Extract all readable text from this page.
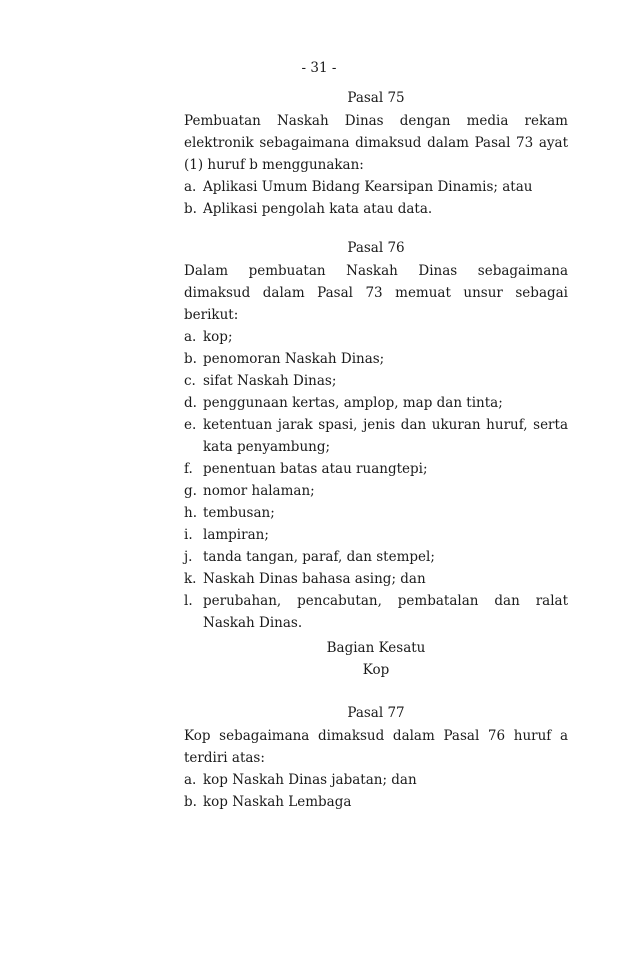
- 31 -
Pasal 75
Pembuatan Naskah Dinas dengan media rekam elektronik sebagaimana dimaksud dalam Pasal 73 ayat (1) huruf b menggunakan:
a. Aplikasi Umum Bidang Kearsipan Dinamis; atau
b. Aplikasi pengolah kata atau data.
Pasal 76
Dalam pembuatan Naskah Dinas sebagaimana dimaksud dalam Pasal 73 memuat unsur sebagai berikut:
a. kop;
b. penomoran Naskah Dinas;
c. sifat Naskah Dinas;
d. penggunaan kertas, amplop, map dan tinta;
e. ketentuan jarak spasi, jenis dan ukuran huruf, serta kata penyambung;
f. penentuan batas atau ruangtepi;
g. nomor halaman;
h. tembusan;
i. lampiran;
j. tanda tangan, paraf, dan stempel;
k. Naskah Dinas bahasa asing; dan
l. perubahan, pencabutan, pembatalan dan ralat Naskah Dinas.
Bagian Kesatu
Kop
Pasal 77
Kop sebagaimana dimaksud dalam Pasal 76 huruf a terdiri atas:
a. kop Naskah Dinas jabatan; dan
b. kop Naskah Lembaga
